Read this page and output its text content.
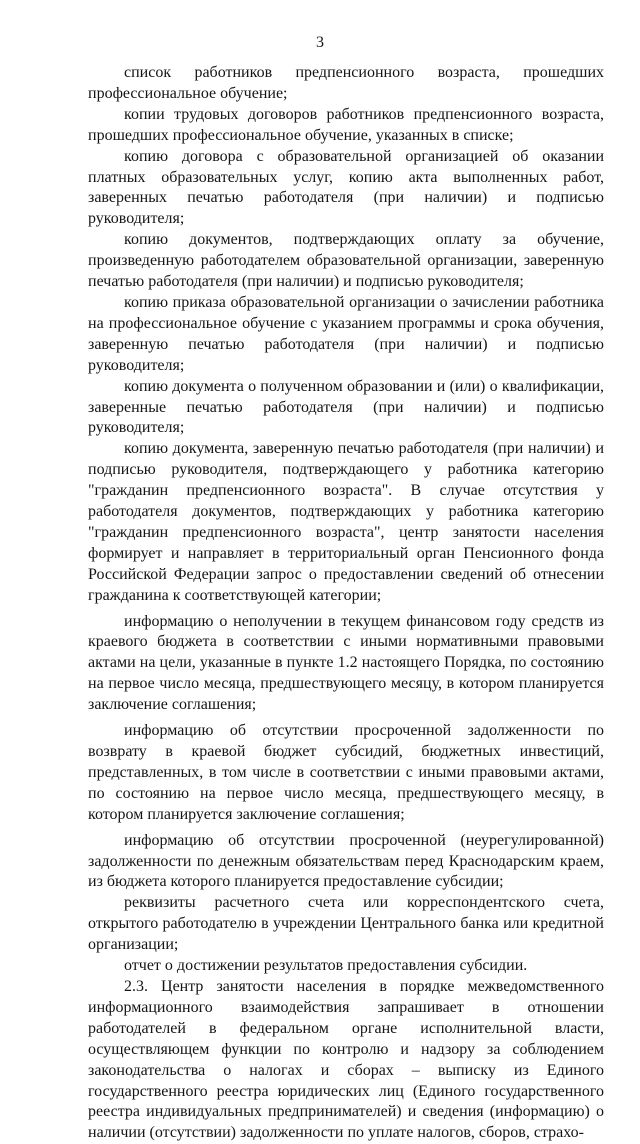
3

список работников предпенсионного возраста, прошедших профессиональное обучение;

копии трудовых договоров работников предпенсионного возраста, прошедших профессиональное обучение, указанных в списке;

копию договора с образовательной организацией об оказании платных образовательных услуг, копию акта выполненных работ, заверенных печатью работодателя (при наличии) и подписью руководителя;

копию документов, подтверждающих оплату за обучение, произведенную работодателем образовательной организации, заверенную печатью работодателя (при наличии) и подписью руководителя;

копию приказа образовательной организации о зачислении работника на профессиональное обучение с указанием программы и срока обучения, заверенную печатью работодателя (при наличии) и подписью руководителя;

копию документа о полученном образовании и (или) о квалификации, заверенные печатью работодателя (при наличии) и подписью руководителя;

копию документа, заверенную печатью работодателя (при наличии) и подписью руководителя, подтверждающего у работника категорию "гражданин предпенсионного возраста". В случае отсутствия у работодателя документов, подтверждающих у работника категорию "гражданин предпенсионного возраста", центр занятости населения формирует и направляет в территориальный орган Пенсионного фонда Российской Федерации запрос о предоставлении сведений об отнесении гражданина к соответствующей категории;

информацию о неполучении в текущем финансовом году средств из краевого бюджета в соответствии с иными нормативными правовыми актами на цели, указанные в пункте 1.2 настоящего Порядка, по состоянию на первое число месяца, предшествующего месяцу, в котором планируется заключение соглашения;

информацию об отсутствии просроченной задолженности по возврату в краевой бюджет субсидий, бюджетных инвестиций, представленных, в том числе в соответствии с иными правовыми актами, по состоянию на первое число месяца, предшествующего месяцу, в котором планируется заключение соглашения;

информацию об отсутствии просроченной (неурегулированной) задолженности по денежным обязательствам перед Краснодарским краем, из бюджета которого планируется предоставление субсидии;

реквизиты расчетного счета или корреспондентского счета, открытого работодателю в учреждении Центрального банка или кредитной организации;

отчет о достижении результатов предоставления субсидии.

2.3. Центр занятости населения в порядке межведомственного информационного взаимодействия запрашивает в отношении работодателей в федеральном органе исполнительной власти, осуществляющем функции по контролю и надзору за соблюдением законодательства о налогах и сборах – выписку из Единого государственного реестра юридических лиц (Единого государственного реестра индивидуальных предпринимателей) и сведения (информацию) о наличии (отсутствии) задолженности по уплате налогов, сборов, страхо-
